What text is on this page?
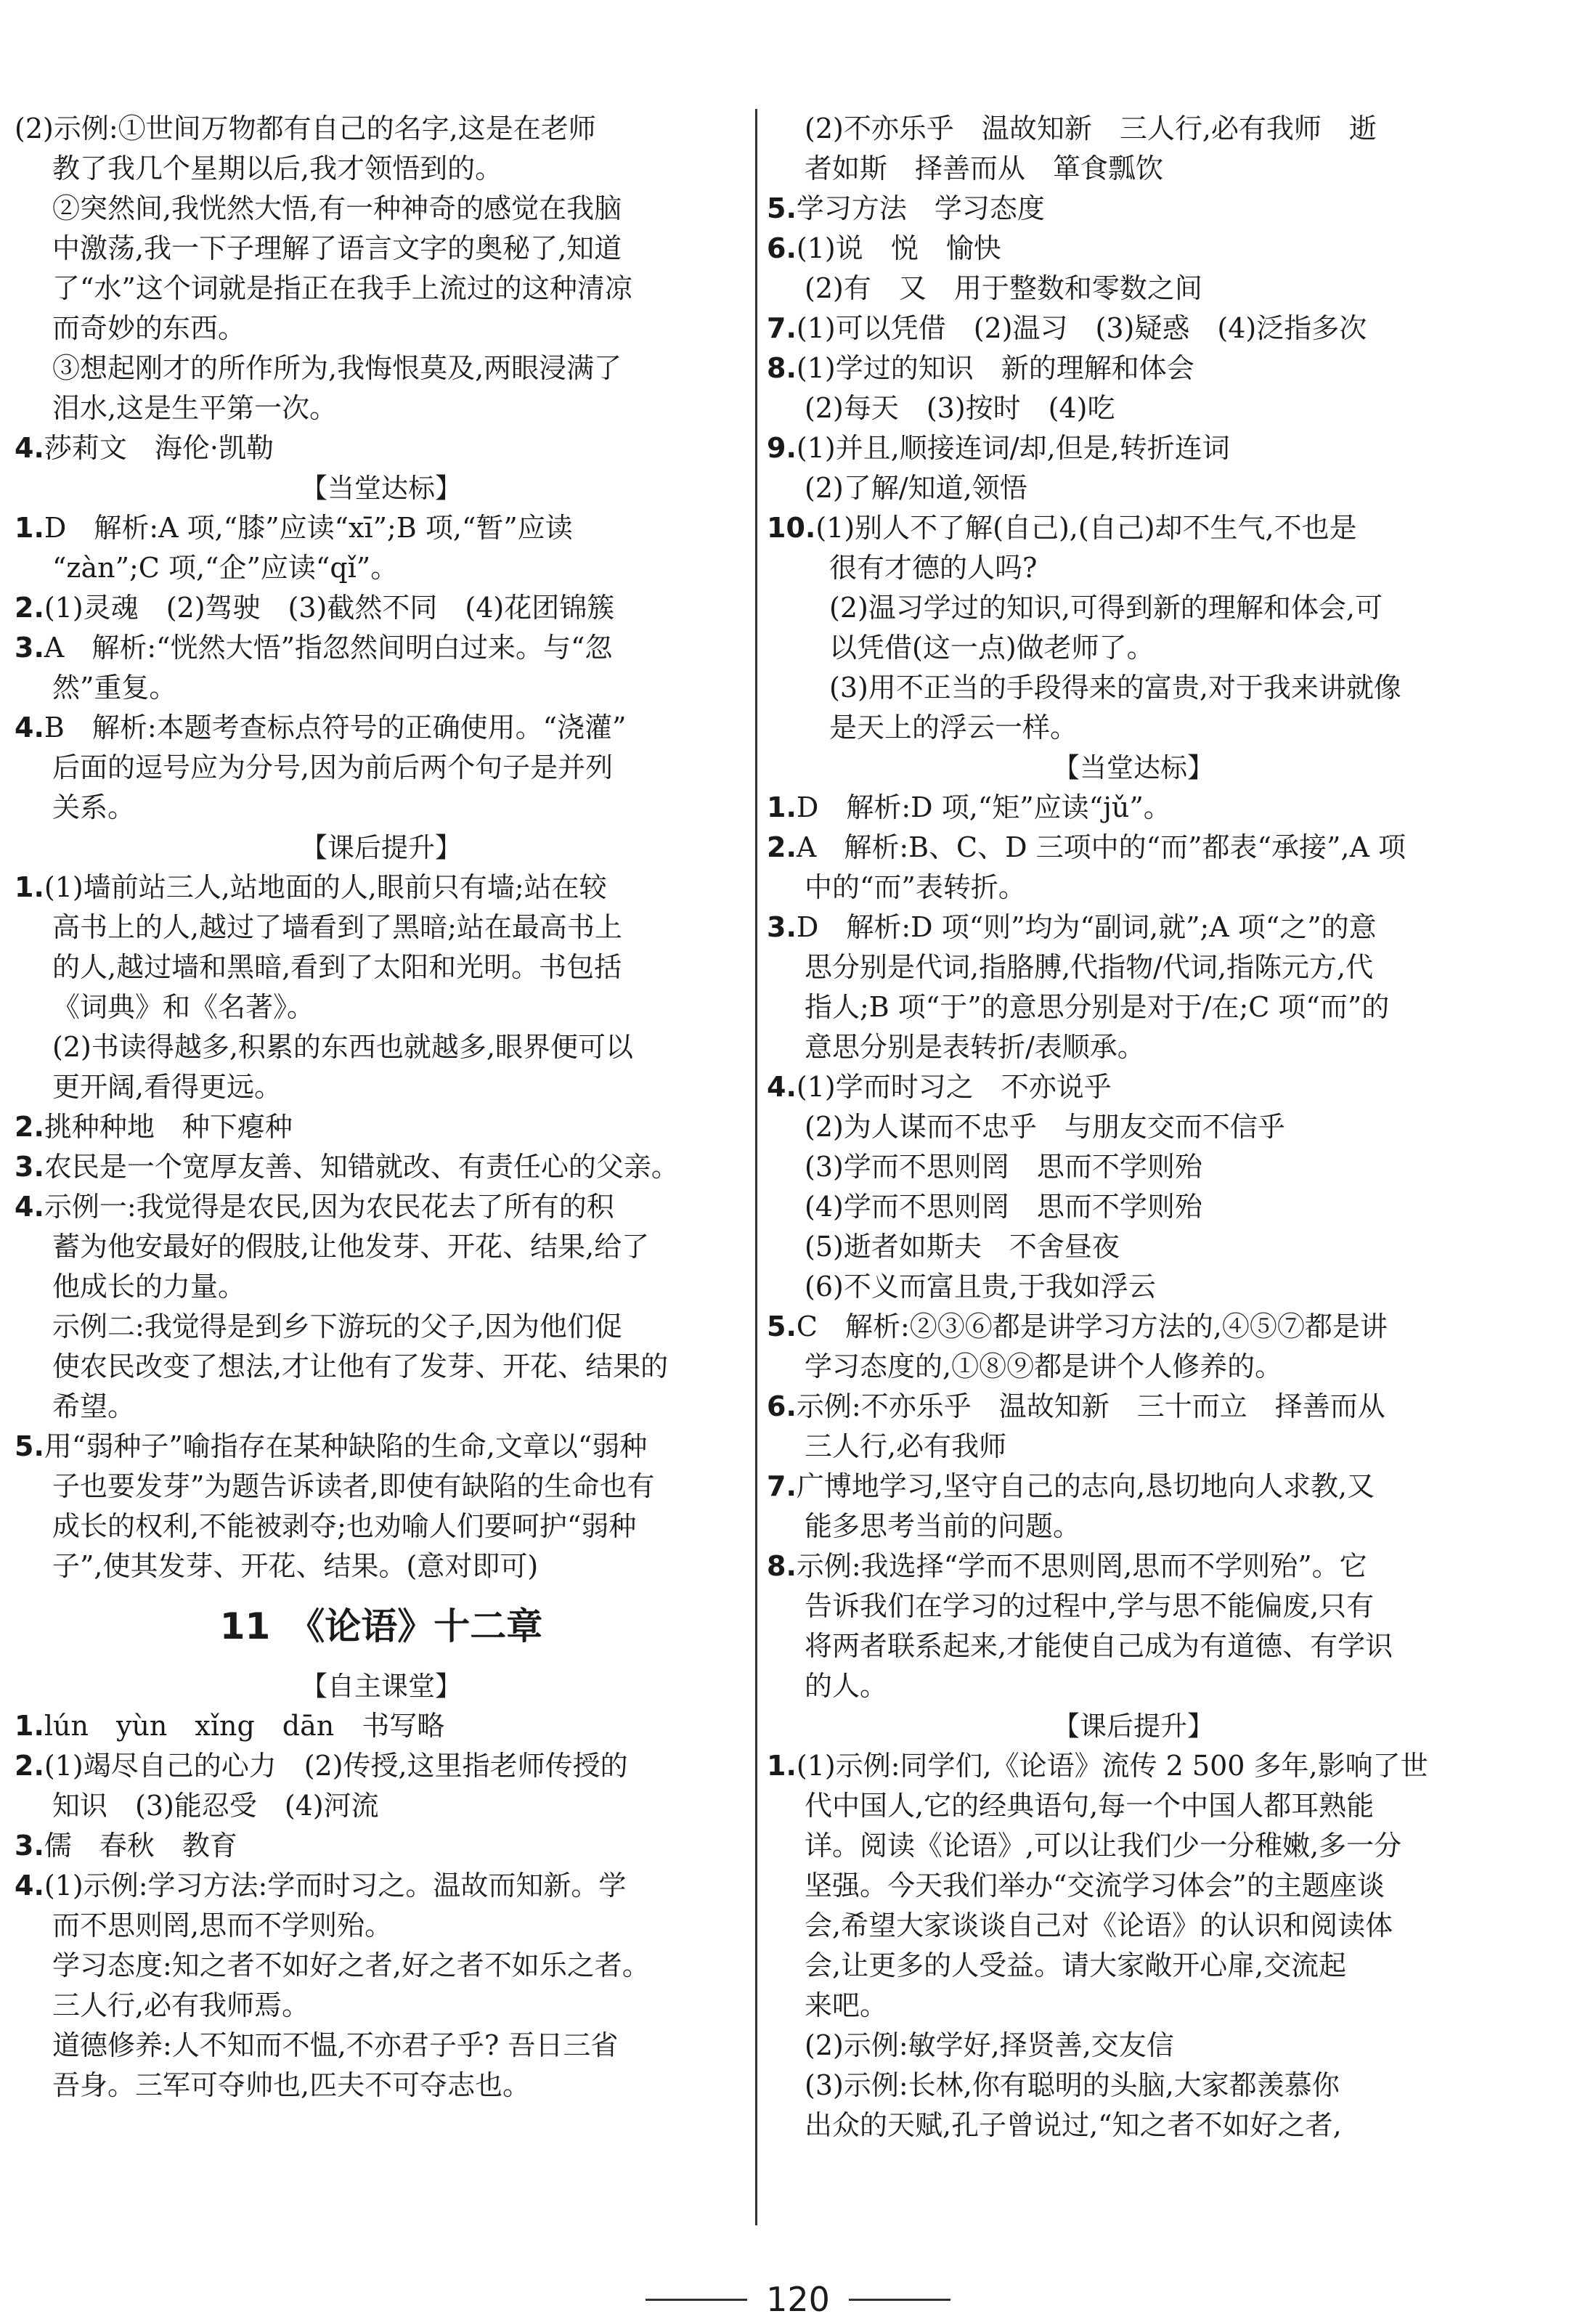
(2)示例:①世间万物都有自己的名字,这是在老师
教了我几个星期以后,我才领悟到的。
②突然间,我恍然大悟,有一种神奇的感觉在我脑
中激荡,我一下子理解了语言文字的奥秘了,知道
了“水”这个词就是指正在我手上流过的这种清凉
而奇妙的东西。
③想起刚才的所作所为,我悔恨莫及,两眼浸满了
泪水,这是生平第一次。
4.莎莉文　海伦·凯勒
【当堂达标】
1.D　解析:A 项,“膝”应读“xī”;B 项,“暂”应读
“zàn”;C 项,“企”应读“qǐ”。
2.(1)灵魂　(2)驾驶　(3)截然不同　(4)花团锦簇
3.A　解析:“恍然大悟”指忽然间明白过来。与“忽
然”重复。
4.B　解析:本题考查标点符号的正确使用。“浇灌”
后面的逗号应为分号,因为前后两个句子是并列
关系。
【课后提升】
1.(1)墙前站三人,站地面的人,眼前只有墙;站在较
高书上的人,越过了墙看到了黑暗;站在最高书上
的人,越过墙和黑暗,看到了太阳和光明。书包括
《词典》和《名著》。
(2)书读得越多,积累的东西也就越多,眼界便可以
更开阔,看得更远。
2.挑种种地　种下瘪种
3.农民是一个宽厚友善、知错就改、有责任心的父亲。
4.示例一:我觉得是农民,因为农民花去了所有的积
蓄为他安最好的假肢,让他发芽、开花、结果,给了
他成长的力量。
示例二:我觉得是到乡下游玩的父子,因为他们促
使农民改变了想法,才让他有了发芽、开花、结果的
希望。
5.用“弱种子”喻指存在某种缺陷的生命,文章以“弱种
子也要发芽”为题告诉读者,即使有缺陷的生命也有
成长的权利,不能被剥夺;也劝喻人们要呵护“弱种
子”,使其发芽、开花、结果。(意对即可)
11　《论语》十二章
【自主课堂】
1.lún　yùn　xǐng　dān　书写略
2.(1)竭尽自己的心力　(2)传授,这里指老师传授的
知识　(3)能忍受　(4)河流
3.儒　春秋　教育
4.(1)示例:学习方法:学而时习之。温故而知新。学
而不思则罔,思而不学则殆。
学习态度:知之者不如好之者,好之者不如乐之者。
三人行,必有我师焉。
道德修养:人不知而不愠,不亦君子乎? 吾日三省
吾身。三军可夺帅也,匹夫不可夺志也。
(2)不亦乐乎　温故知新　三人行,必有我师　逝
者如斯　择善而从　箪食瓢饮
5.学习方法　学习态度
6.(1)说　悦　愉快
(2)有　又　用于整数和零数之间
7.(1)可以凭借　(2)温习　(3)疑惑　(4)泛指多次
8.(1)学过的知识　新的理解和体会
(2)每天　(3)按时　(4)吃
9.(1)并且,顺接连词/却,但是,转折连词
(2)了解/知道,领悟
10.(1)别人不了解(自己),(自己)却不生气,不也是
很有才德的人吗?
(2)温习学过的知识,可得到新的理解和体会,可
以凭借(这一点)做老师了。
(3)用不正当的手段得来的富贵,对于我来讲就像
是天上的浮云一样。
【当堂达标】
1.D　解析:D 项,“矩”应读“jǔ”。
2.A　解析:B、C、D 三项中的“而”都表“承接”,A 项
中的“而”表转折。
3.D　解析:D 项“则”均为“副词,就”;A 项“之”的意
思分别是代词,指胳膊,代指物/代词,指陈元方,代
指人;B 项“于”的意思分别是对于/在;C 项“而”的
意思分别是表转折/表顺承。
4.(1)学而时习之　不亦说乎
(2)为人谋而不忠乎　与朋友交而不信乎
(3)学而不思则罔　思而不学则殆
(4)学而不思则罔　思而不学则殆
(5)逝者如斯夫　不舍昼夜
(6)不义而富且贵,于我如浮云
5.C　解析:②③⑥都是讲学习方法的,④⑤⑦都是讲
学习态度的,①⑧⑨都是讲个人修养的。
6.示例:不亦乐乎　温故知新　三十而立　择善而从
三人行,必有我师
7.广博地学习,坚守自己的志向,恳切地向人求教,又
能多思考当前的问题。
8.示例:我选择“学而不思则罔,思而不学则殆”。它
告诉我们在学习的过程中,学与思不能偏废,只有
将两者联系起来,才能使自己成为有道德、有学识
的人。
【课后提升】
1.(1)示例:同学们,《论语》流传 2 500 多年,影响了世
代中国人,它的经典语句,每一个中国人都耳熟能
详。阅读《论语》,可以让我们少一分稚嫩,多一分
坚强。今天我们举办“交流学习体会”的主题座谈
会,希望大家谈谈自己对《论语》的认识和阅读体
会,让更多的人受益。请大家敞开心扉,交流起
来吧。
(2)示例:敏学好,择贤善,交友信
(3)示例:长林,你有聪明的头脑,大家都羡慕你
出众的天赋,孔子曾说过,“知之者不如好之者,
120
